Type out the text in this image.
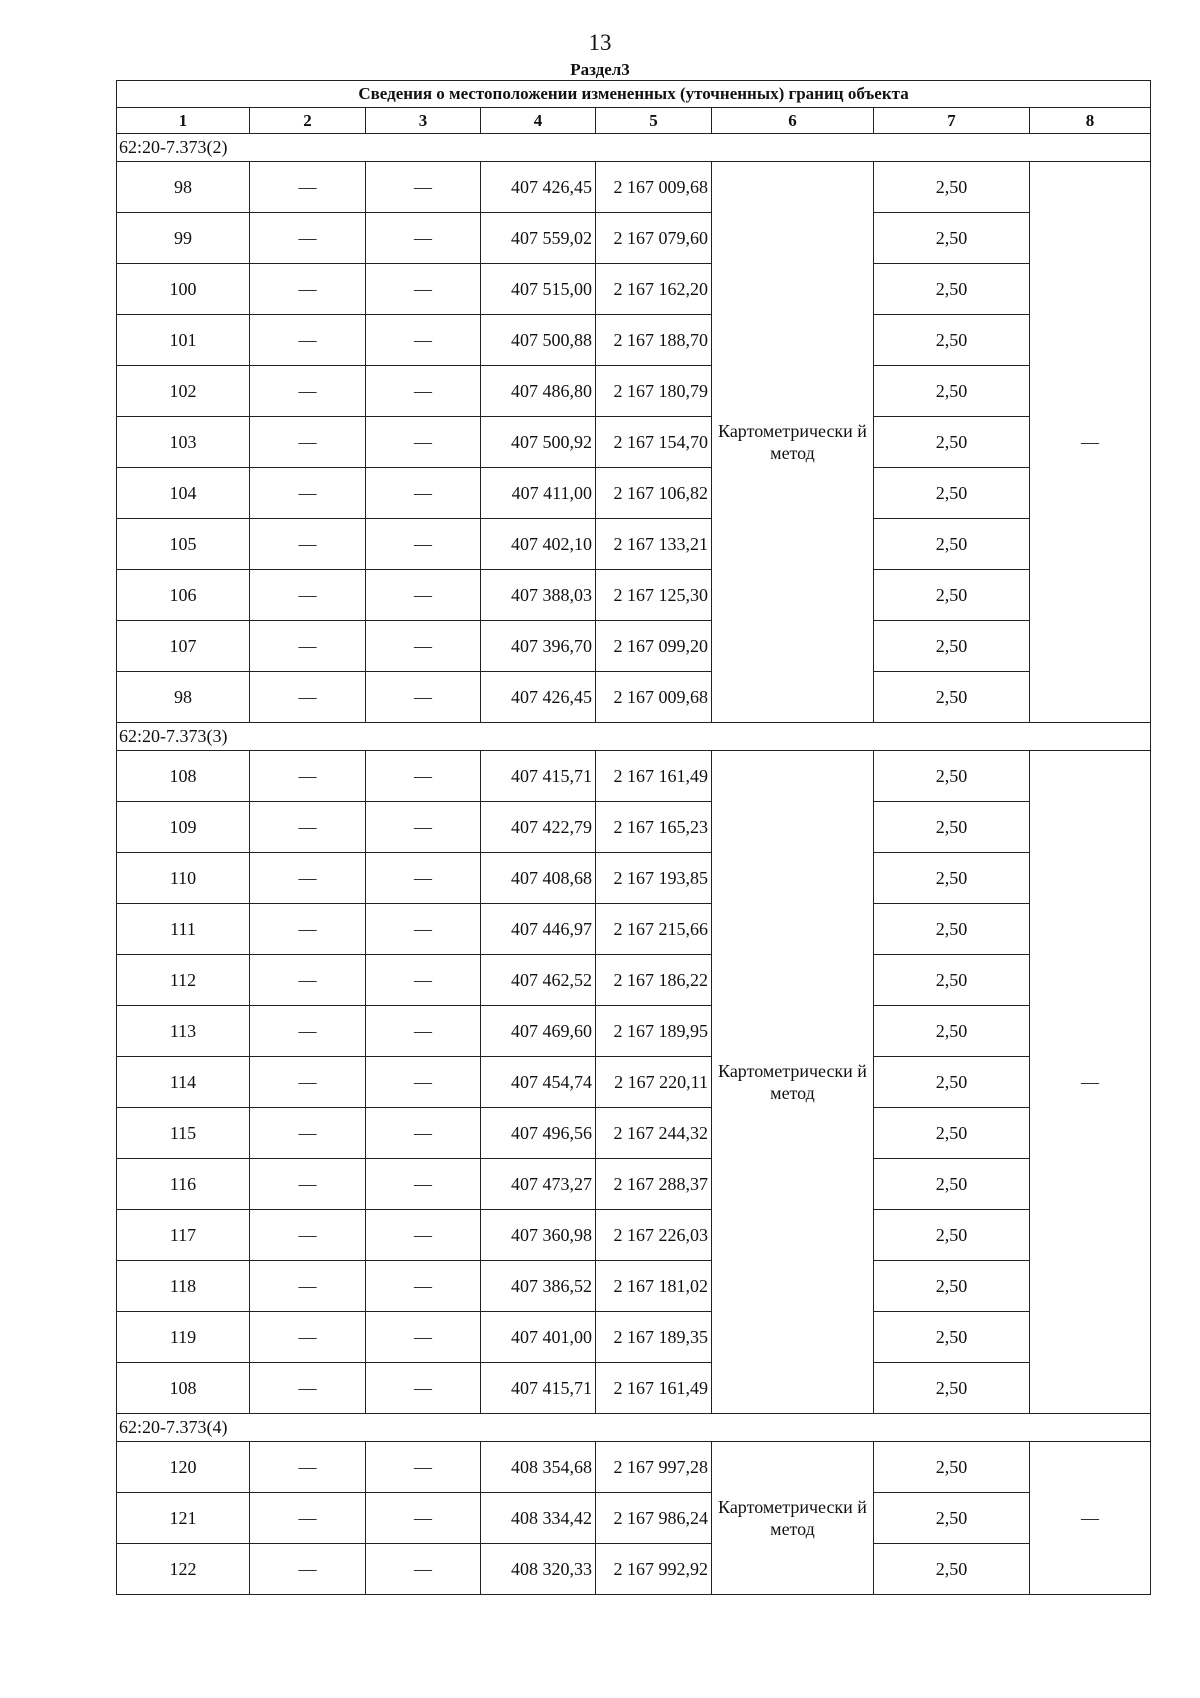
13
Раздел3
Сведения о местоположении измененных (уточненных) границ объекта							
1	2	3	4	5	6	7	8
62:20-7.373(2)							
98	—	—	407 426,45	2 167 009,68	Картометрически й метод	2,50	—
99	—	—	407 559,02	2 167 079,60		2,50	
100	—	—	407 515,00	2 167 162,20		2,50	
101	—	—	407 500,88	2 167 188,70		2,50	
102	—	—	407 486,80	2 167 180,79		2,50	
103	—	—	407 500,92	2 167 154,70		2,50	
104	—	—	407 411,00	2 167 106,82		2,50	
105	—	—	407 402,10	2 167 133,21		2,50	
106	—	—	407 388,03	2 167 125,30		2,50	
107	—	—	407 396,70	2 167 099,20		2,50	
98	—	—	407 426,45	2 167 009,68		2,50	
62:20-7.373(3)							
108	—	—	407 415,71	2 167 161,49	Картометрически й метод	2,50	—
109	—	—	407 422,79	2 167 165,23		2,50	
110	—	—	407 408,68	2 167 193,85		2,50	
111	—	—	407 446,97	2 167 215,66		2,50	
112	—	—	407 462,52	2 167 186,22		2,50	
113	—	—	407 469,60	2 167 189,95		2,50	
114	—	—	407 454,74	2 167 220,11		2,50	
115	—	—	407 496,56	2 167 244,32		2,50	
116	—	—	407 473,27	2 167 288,37		2,50	
117	—	—	407 360,98	2 167 226,03		2,50	
118	—	—	407 386,52	2 167 181,02		2,50	
119	—	—	407 401,00	2 167 189,35		2,50	
108	—	—	407 415,71	2 167 161,49		2,50	
62:20-7.373(4)							
120	—	—	408 354,68	2 167 997,28	Картометрически й метод	2,50	—
121	—	—	408 334,42	2 167 986,24		2,50	
122	—	—	408 320,33	2 167 992,92		2,50	
